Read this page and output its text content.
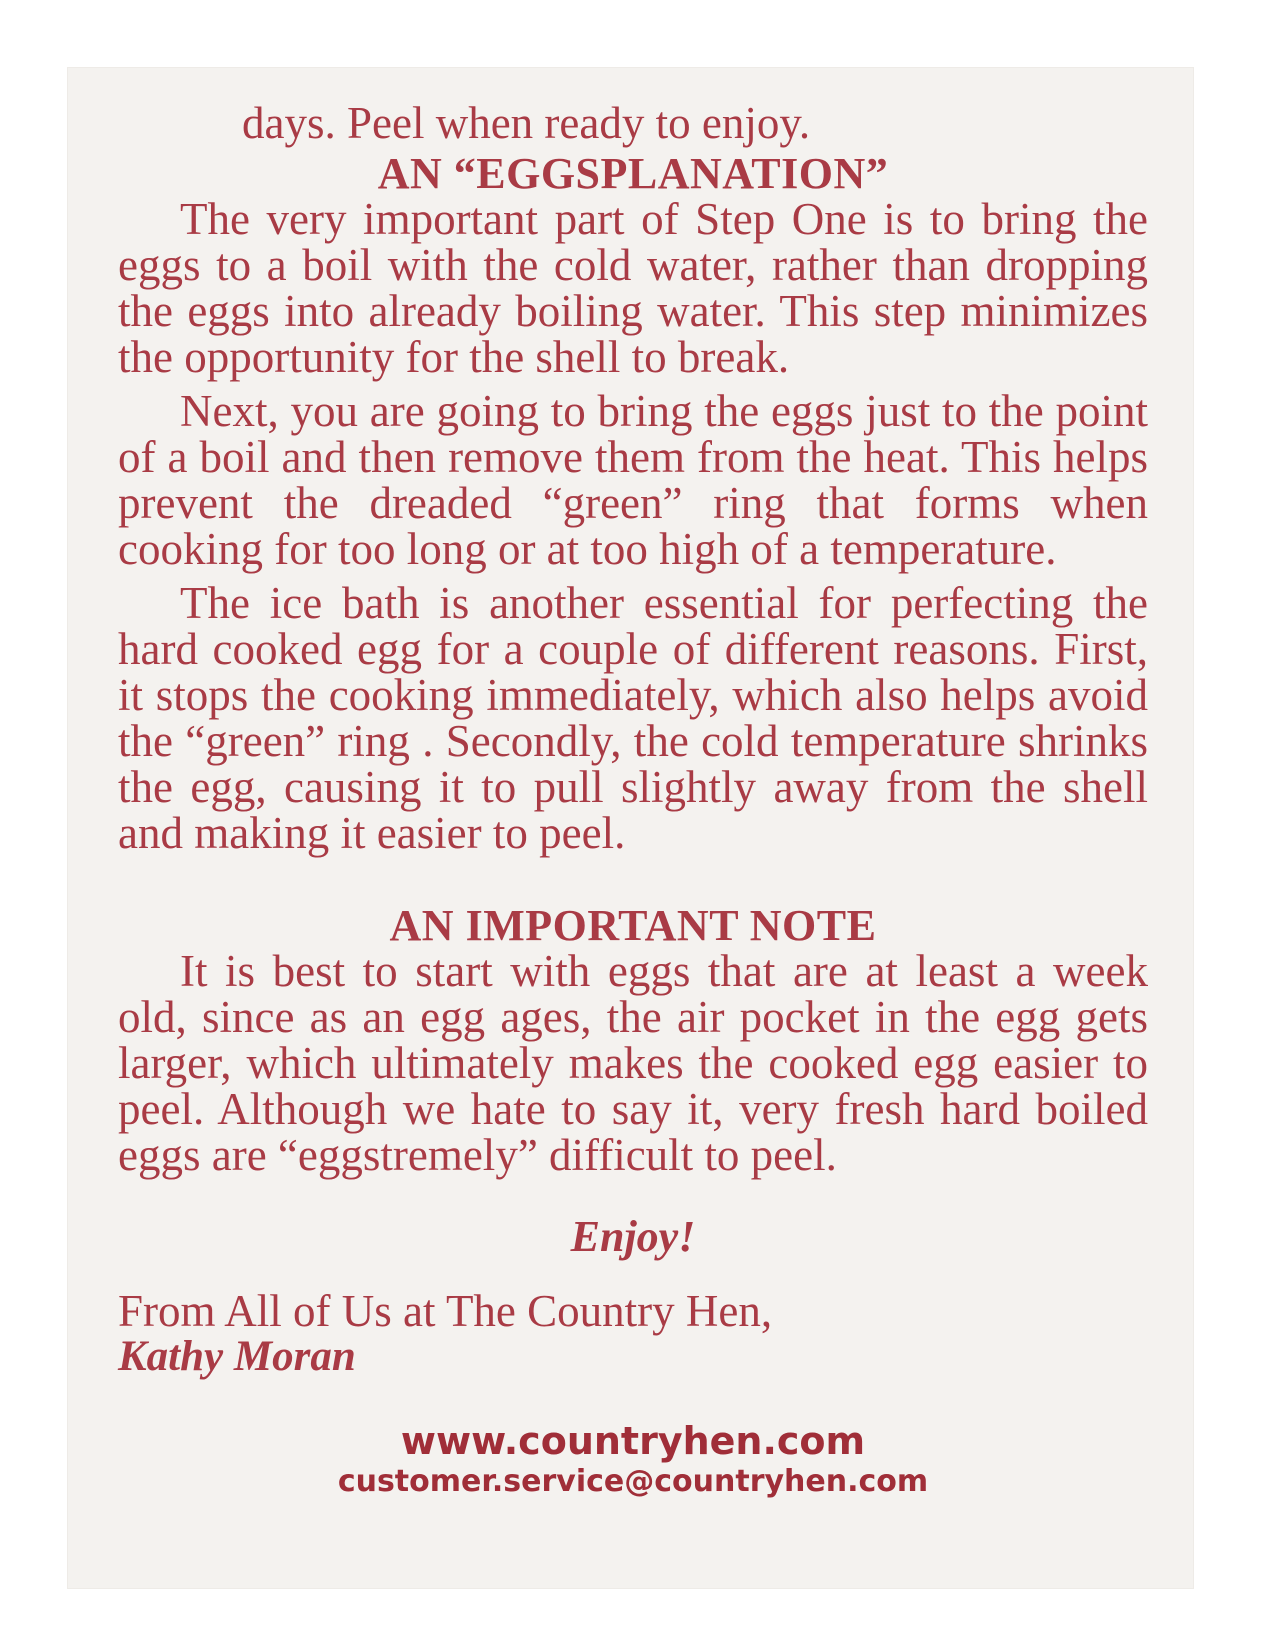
days. Peel when ready to enjoy.
AN “EGGSPLANATION”

The very important part of Step One is to bring the eggs to a boil with the cold water, rather than dropping the eggs into already boiling water. This step minimizes the opportunity for the shell to break.

Next, you are going to bring the eggs just to the point of a boil and then remove them from the heat. This helps prevent the dreaded “green” ring that forms when cooking for too long or at too high of a temperature.

The ice bath is another essential for perfecting the hard cooked egg for a couple of different reasons. First, it stops the cooking immediately, which also helps avoid the “green” ring . Secondly, the cold temperature shrinks the egg, causing it to pull slightly away from the shell and making it easier to peel.

AN IMPORTANT NOTE

It is best to start with eggs that are at least a week old, since as an egg ages, the air pocket in the egg gets larger, which ultimately makes the cooked egg easier to peel. Although we hate to say it, very fresh hard boiled eggs are “eggstremely” difficult to peel.

Enjoy!

From All of Us at The Country Hen,

Kathy Moran

www.countryhen.com
customer.service@countryhen.com
